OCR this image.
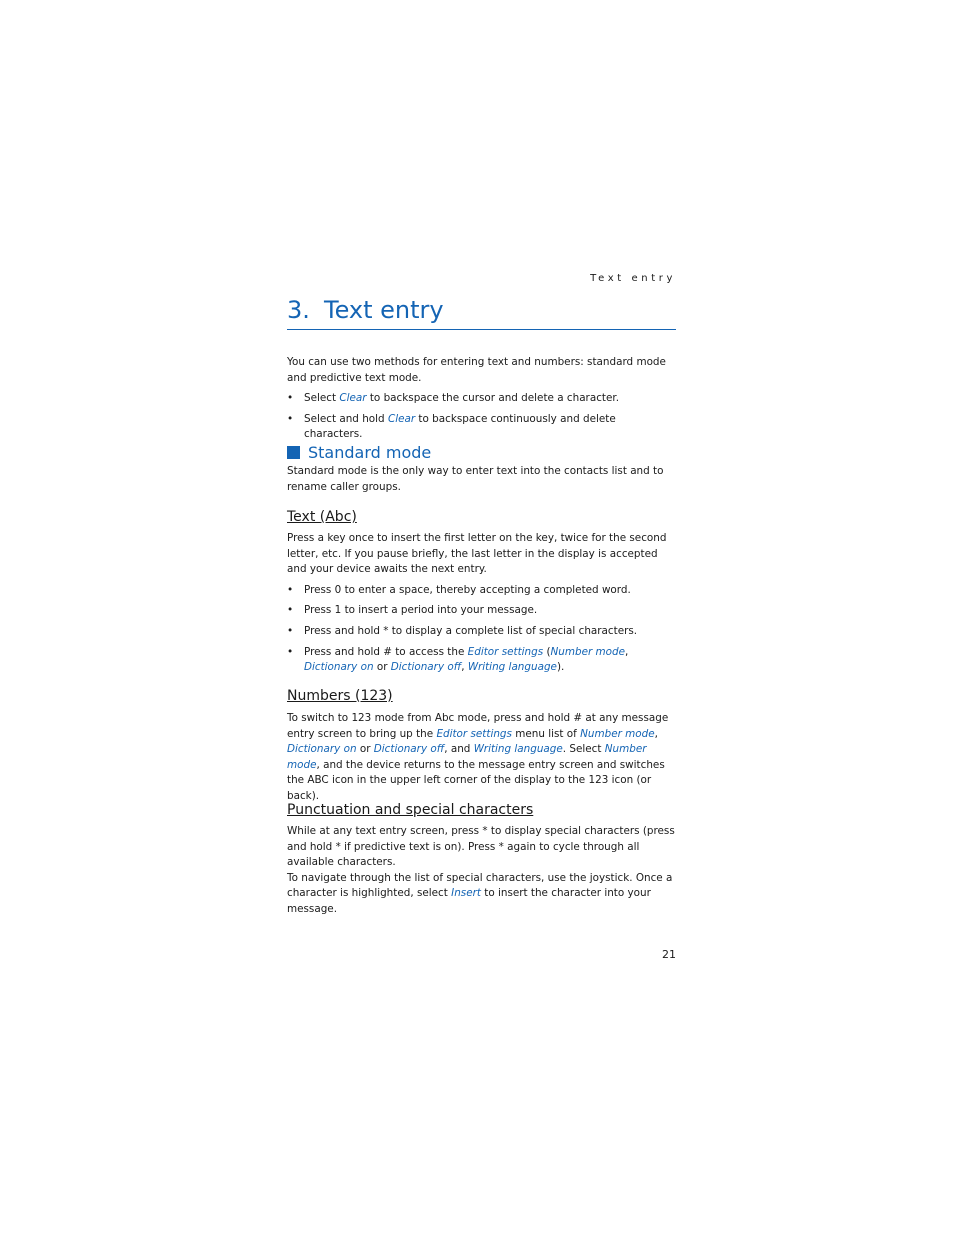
Text entry
3. Text entry
You can use two methods for entering text and numbers: standard mode and predictive text mode.
• Select Clear to backspace the cursor and delete a character.
• Select and hold Clear to backspace continuously and delete characters.
Standard mode
Standard mode is the only way to enter text into the contacts list and to rename caller groups.
Text (Abc)
Press a key once to insert the first letter on the key, twice for the second letter, etc. If you pause briefly, the last letter in the display is accepted and your device awaits the next entry.
• Press 0 to enter a space, thereby accepting a completed word.
• Press 1 to insert a period into your message.
• Press and hold * to display a complete list of special characters.
• Press and hold # to access the Editor settings (Number mode, Dictionary on or Dictionary off, Writing language).
Numbers (123)
To switch to 123 mode from Abc mode, press and hold # at any message entry screen to bring up the Editor settings menu list of Number mode, Dictionary on or Dictionary off, and Writing language. Select Number mode, and the device returns to the message entry screen and switches the ABC icon in the upper left corner of the display to the 123 icon (or back).
Punctuation and special characters
While at any text entry screen, press * to display special characters (press and hold * if predictive text is on). Press * again to cycle through all available characters.
To navigate through the list of special characters, use the joystick. Once a character is highlighted, select Insert to insert the character into your message.
21
